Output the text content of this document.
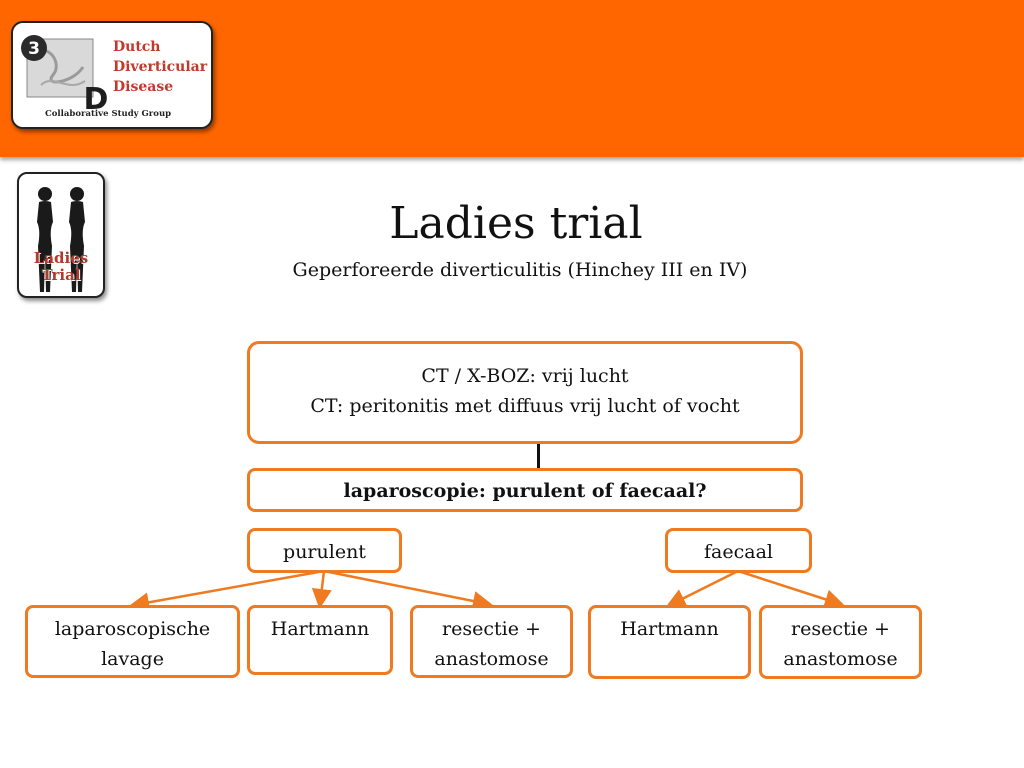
3
D
Dutch
Diverticular
Disease
Collaborative Study Group
Ladies
Trial
Ladies trial
Geperforeerde diverticulitis (Hinchey III en IV)
CT / X-BOZ: vrij lucht
CT: peritonitis met diffuus vrij lucht of vocht
laparoscopie: purulent of faecaal?
purulent	faecaal
laparoscopische
lavage
Hartmann	resectie +
anastomose
Hartmann	resectie +
anastomose
